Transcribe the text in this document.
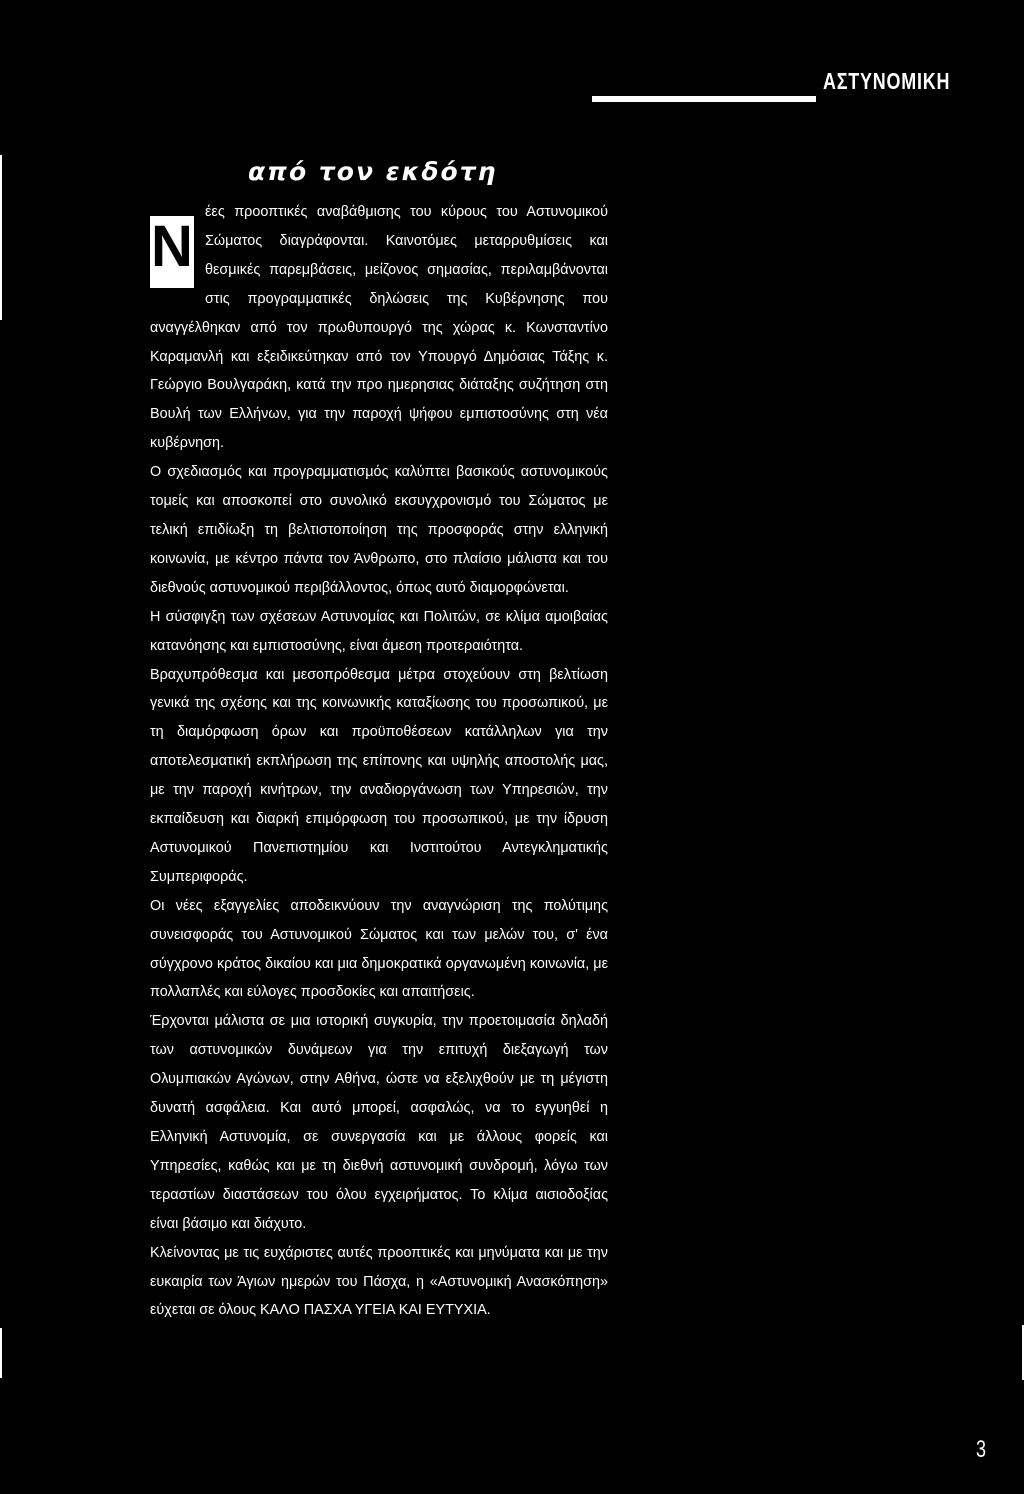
ΑΣΤΥΝΟΜΙΚΗ
από τον εκδότη
Ν

έες προοπτικές αναβάθμισης του κύρους του Αστυνομικού Σώματος διαγράφονται. Καινοτόμες μεταρρυθμίσεις και θεσμικές παρεμβάσεις, μείζονος σημασίας, περιλαμβάνονται στις προγραμματικές δηλώσεις της Κυβέρνησης που αναγγέλθηκαν από τον πρωθυπουργό της χώρας κ. Κωνσταντίνο Καραμανλή και εξειδικεύτηκαν από τον Υπουργό Δημόσιας Τάξης κ. Γεώργιο Βουλγαράκη, κατά την προ ημερησιας διάταξης συζήτηση στη Βουλή των Ελλήνων, για την παροχή ψήφου εμπιστοσύνης στη νέα κυβέρνηση.

Ο σχεδιασμός και προγραμματισμός καλύπτει βασικούς αστυνομικούς τομείς και αποσκοπεί στο συνολικό εκσυγχρονισμό του Σώματος με τελική επιδίωξη τη βελτιστοποίηση της προσφοράς στην ελληνική κοινωνία, με κέντρο πάντα τον Άνθρωπο, στο πλαίσιο μάλιστα και του διεθνούς αστυνομικού περιβάλλοντος, όπως αυτό διαμορφώνεται.

Η σύσφιγξη των σχέσεων Αστυνομίας και Πολιτών, σε κλίμα αμοιβαίας κατανόησης και εμπιστοσύνης, είναι άμεση προτεραιότητα.

Βραχυπρόθεσμα και μεσοπρόθεσμα μέτρα στοχεύουν στη βελτίωση γενικά της σχέσης και της κοινωνικής καταξίωσης του προσωπικού, με τη διαμόρφωση όρων και προϋποθέσεων κατάλληλων για την αποτελεσματική εκπλήρωση της επίπονης και υψηλής αποστολής μας, με την παροχή κινήτρων, την αναδιοργάνωση των Υπηρεσιών, την εκπαίδευση και διαρκή επιμόρφωση του προσωπικού, με την ίδρυση Αστυνομικού Πανεπιστημίου και Ινστιτούτου Αντεγκληματικής Συμπεριφοράς.

Οι νέες εξαγγελίες αποδεικνύουν την αναγνώριση της πολύτιμης συνεισφοράς του Αστυνομικού Σώματος και των μελών του, σ' ένα σύγχρονο κράτος δικαίου και μια δημοκρατικά οργανωμένη κοινωνία, με πολλαπλές και εύλογες προσδοκίες και απαιτήσεις.

Έρχονται μάλιστα σε μια ιστορική συγκυρία, την προετοιμασία δηλαδή των αστυνομικών δυνάμεων για την επιτυχή διεξαγωγή των Ολυμπιακών Αγώνων, στην Αθήνα, ώστε να εξελιχθούν με τη μέγιστη δυνατή ασφάλεια. Και αυτό μπορεί, ασφαλώς, να το εγγυηθεί η Ελληνική Αστυνομία, σε συνεργασία και με άλλους φορείς και Υπηρεσίες, καθώς και με τη διεθνή αστυνομική συνδρομή, λόγω των τεραστίων διαστάσεων του όλου εγχειρήματος. Το κλίμα αισιοδοξίας είναι βάσιμο και διάχυτο.

Κλείνοντας με τις ευχάριστες αυτές προοπτικές και μηνύματα και με την ευκαιρία των Άγιων ημερών του Πάσχα, η «Αστυνομική Ανασκόπηση» εύχεται σε όλους ΚΑΛΟ ΠΑΣΧΑ ΥΓΕΙΑ ΚΑΙ ΕΥΤΥΧΙΑ.

3
